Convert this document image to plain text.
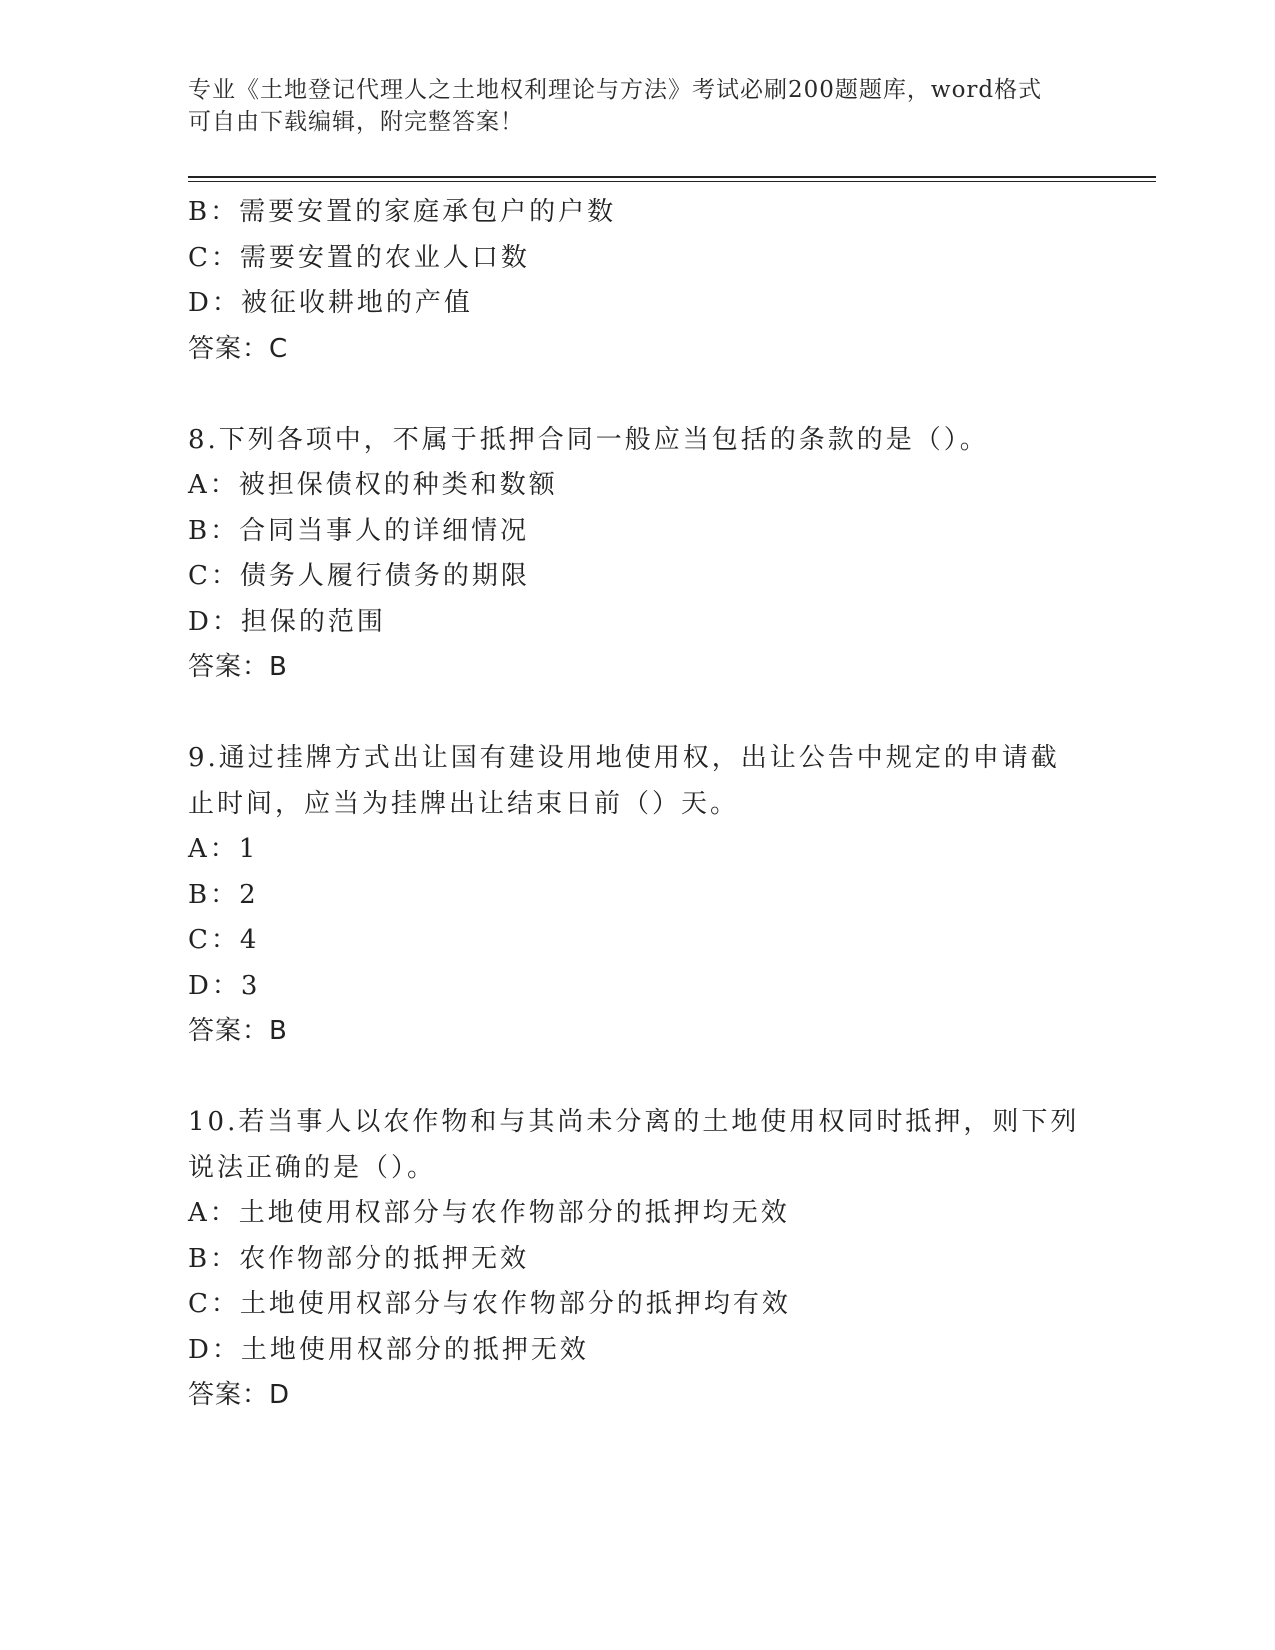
专业《土地登记代理人之土地权利理论与方法》考试必刷200题题库，word格式
可自由下载编辑，附完整答案！
B：需要安置的家庭承包户的户数
C：需要安置的农业人口数
D：被征收耕地的产值
答案：C
8.下列各项中，不属于抵押合同一般应当包括的条款的是（）。
A：被担保债权的种类和数额
B：合同当事人的详细情况
C：债务人履行债务的期限
D：担保的范围
答案：B
9.通过挂牌方式出让国有建设用地使用权，出让公告中规定的申请截
止时间，应当为挂牌出让结束日前（）天。
A：1
B：2
C：4
D：3
答案：B
10.若当事人以农作物和与其尚未分离的土地使用权同时抵押，则下列
说法正确的是（）。
A：土地使用权部分与农作物部分的抵押均无效
B：农作物部分的抵押无效
C：土地使用权部分与农作物部分的抵押均有效
D：土地使用权部分的抵押无效
答案：D
